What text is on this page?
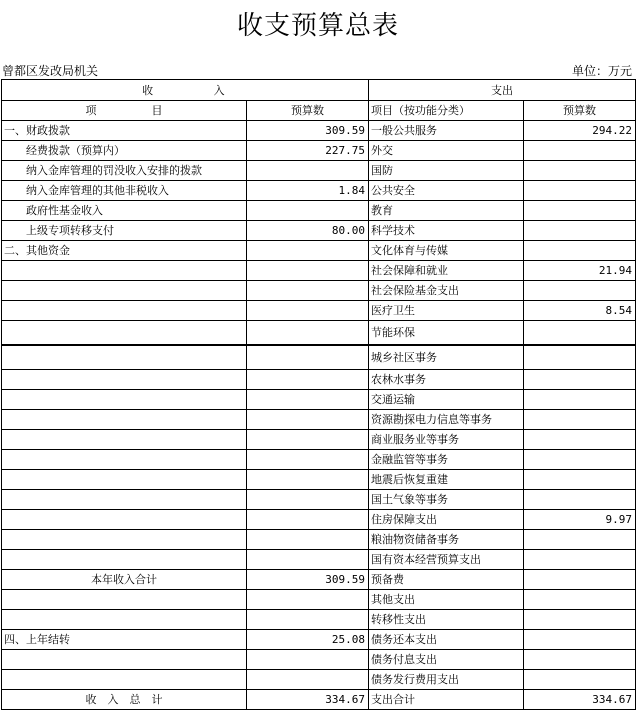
收支预算总表
曾都区发改局机关	单位：万元
收　　　　入		支出	
项　　　　　目	预算数	项目（按功能分类）	预算数
一、财政拨款	309.59	一般公共服务	294.22
经费拨款（预算内）	227.75	外交	
纳入金库管理的罚没收入安排的拨款		国防	
纳入金库管理的其他非税收入	1.84	公共安全	
政府性基金收入		教育	
上级专项转移支付	80.00	科学技术	
二、其他资金		文化体育与传媒	
		社会保障和就业	21.94
		社会保险基金支出	
		医疗卫生	8.54
		节能环保	
		城乡社区事务	
		农林水事务	
		交通运输	
		资源勘探电力信息等事务	
		商业服务业等事务	
		金融监管等事务	
		地震后恢复重建	
		国土气象等事务	
		住房保障支出	9.97
		粮油物资储备事务	
		国有资本经营预算支出	
本年收入合计	309.59	预备费	
		其他支出	
		转移性支出	
四、上年结转	25.08	债务还本支出	
		债务付息支出	
		债务发行费用支出	
收　入　总　计	334.67	支出合计	334.67
